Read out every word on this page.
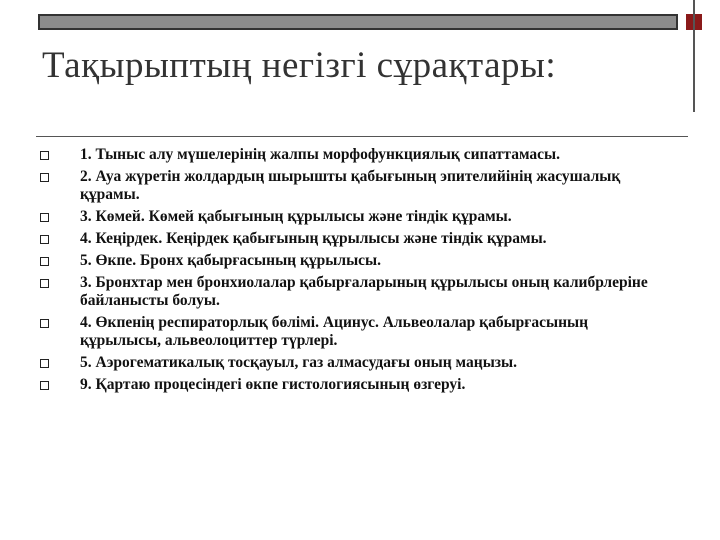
Тақырыптың негізгі сұрақтары:
1. Тыныс алу мүшелерінің жалпы морфофункциялық сипаттамасы.
2. Ауа жүретін жолдардың шырышты қабығының эпителийінің жасушалық құрамы.
3. Көмей. Көмей қабығының құрылысы және тіндік құрамы.
4. Кеңірдек. Кеңірдек қабығының құрылысы және тіндік құрамы.
5. Өкпе. Бронх қабырғасының құрылысы.
3. Бронхтар мен бронхиолалар қабырғаларының құрылысы оның калибрлеріне байланысты болуы.
4. Өкпенің респираторлық бөлімі. Ацинус. Альвеолалар қабырғасының құрылысы, альвеолоциттер түрлері.
5. Аэрогематикалық тосқауыл, газ алмасудағы оның маңызы.
9. Қартаю процесіндегі өкпе гистологиясының өзгеруі.
